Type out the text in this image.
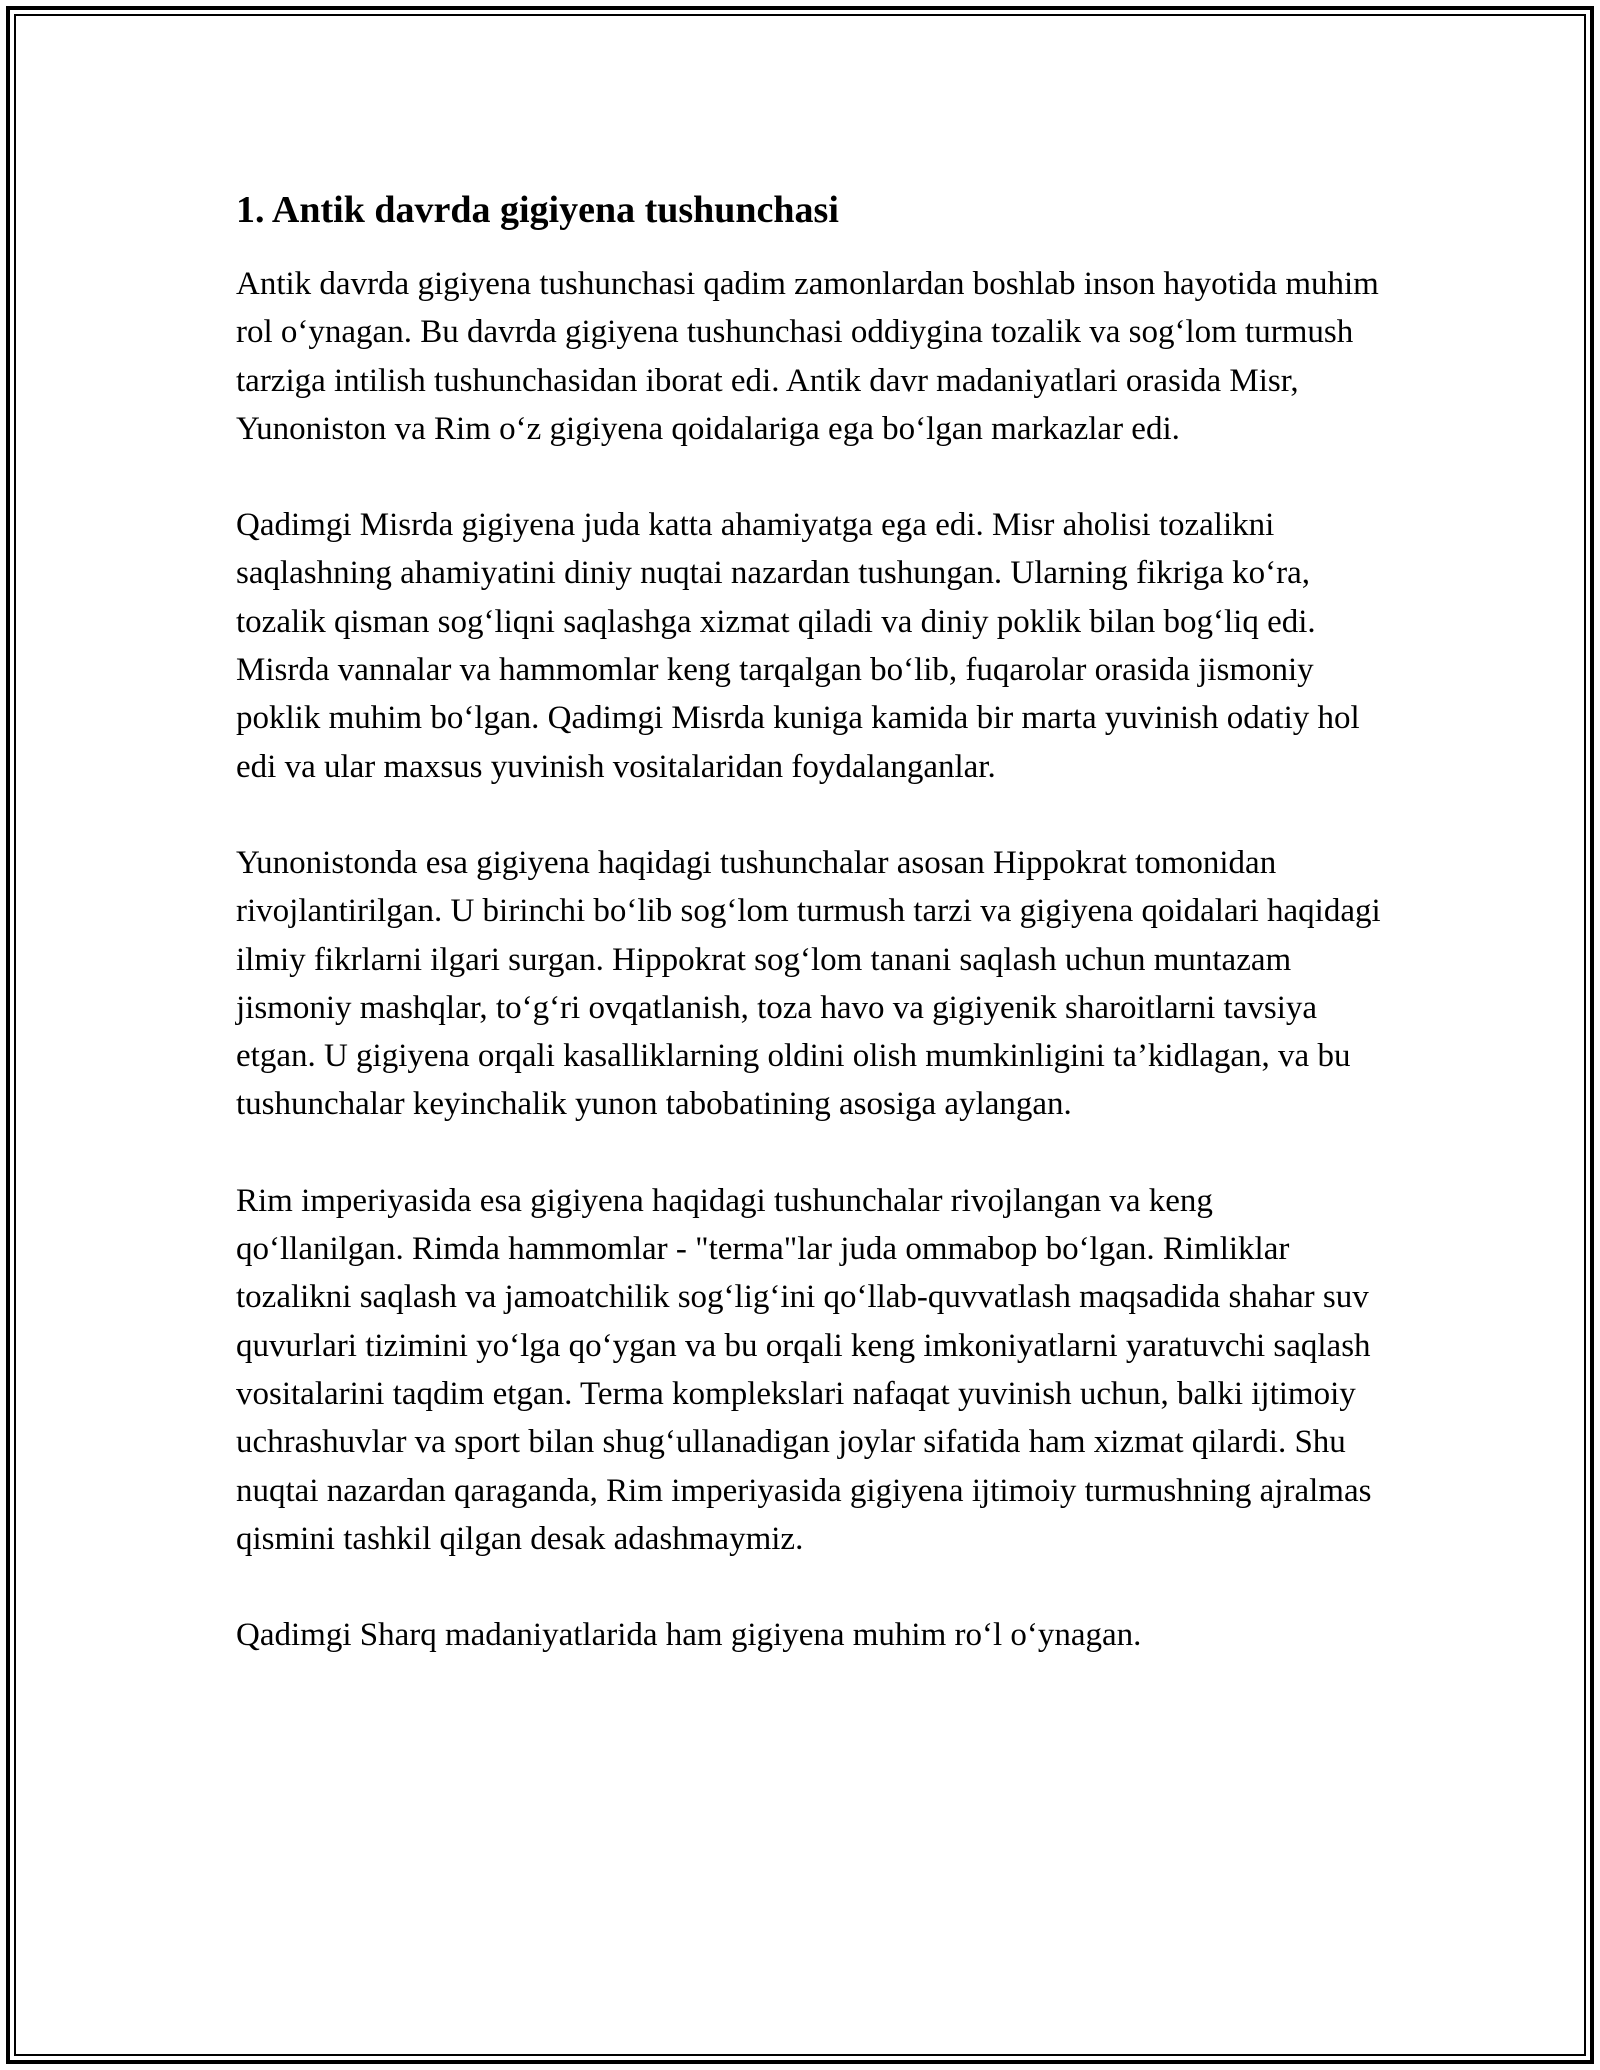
1. Antik davrda gigiyena tushunchasi

Antik davrda gigiyena tushunchasi qadim zamonlardan boshlab inson hayotida muhim rol o‘ynagan. Bu davrda gigiyena tushunchasi oddiygina tozalik va sog‘lom turmush tarziga intilish tushunchasidan iborat edi. Antik davr madaniyatlari orasida Misr, Yunoniston va Rim o‘z gigiyena qoidalariga ega bo‘lgan markazlar edi.

Qadimgi Misrda gigiyena juda katta ahamiyatga ega edi. Misr aholisi tozalikni saqlashning ahamiyatini diniy nuqtai nazardan tushungan. Ularning fikriga ko‘ra, tozalik qisman sog‘liqni saqlashga xizmat qiladi va diniy poklik bilan bog‘liq edi. Misrda vannalar va hammomlar keng tarqalgan bo‘lib, fuqarolar orasida jismoniy poklik muhim bo‘lgan. Qadimgi Misrda kuniga kamida bir marta yuvinish odatiy hol edi va ular maxsus yuvinish vositalaridan foydalanganlar.

Yunonistonda esa gigiyena haqidagi tushunchalar asosan Hippokrat tomonidan rivojlantirilgan. U birinchi bo‘lib sog‘lom turmush tarzi va gigiyena qoidalari haqidagi ilmiy fikrlarni ilgari surgan. Hippokrat sog‘lom tanani saqlash uchun muntazam jismoniy mashqlar, to‘g‘ri ovqatlanish, toza havo va gigiyenik sharoitlarni tavsiya etgan. U gigiyena orqali kasalliklarning oldini olish mumkinligini ta’kidlagan, va bu tushunchalar keyinchalik yunon tabobatining asosiga aylangan.

Rim imperiyasida esa gigiyena haqidagi tushunchalar rivojlangan va keng qo‘llanilgan. Rimda hammomlar - "terma"lar juda ommabop bo‘lgan. Rimliklar tozalikni saqlash va jamoatchilik sog‘lig‘ini qo‘llab-quvvatlash maqsadida shahar suv quvurlari tizimini yo‘lga qo‘ygan va bu orqali keng imkoniyatlarni yaratuvchi saqlash vositalarini taqdim etgan. Terma komplekslari nafaqat yuvinish uchun, balki ijtimoiy uchrashuvlar va sport bilan shug‘ullanadigan joylar sifatida ham xizmat qilardi. Shu nuqtai nazardan qaraganda, Rim imperiyasida gigiyena ijtimoiy turmushning ajralmas qismini tashkil qilgan desak adashmaymiz.

Qadimgi Sharq madaniyatlarida ham gigiyena muhim ro‘l o‘ynagan.
